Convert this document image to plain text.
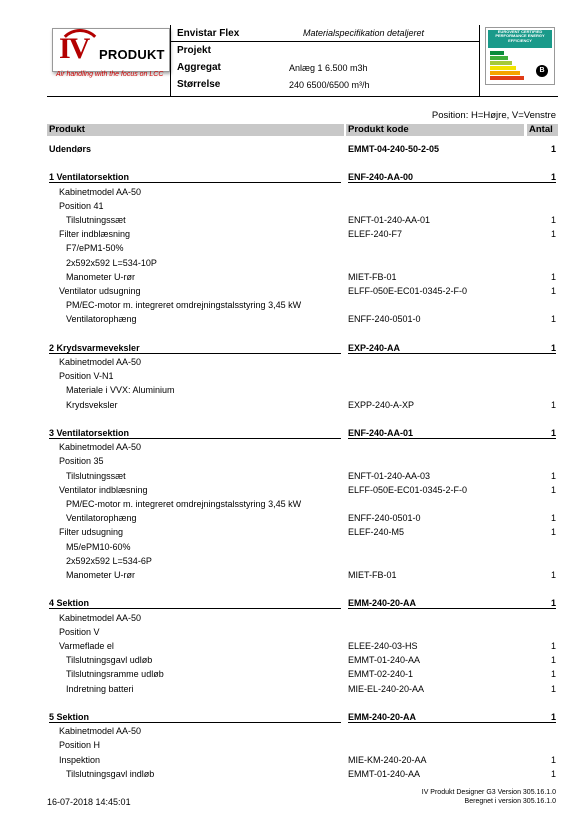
IV PRODUKT
Air handling with the focus on LCC
Envistar Flex	Materialspecifikation detaljeret
Projekt
Aggregat	Anlæg 1 6.500 m3h
Størrelse	240 6500/6500 m³/h
EUROVENT CERTIFIED PERFORMANCE ENERGY EFFICIENCY
B
Position: H=Højre, V=Venstre
Produkt	Produkt kode	Antal
Udendørs	EMMT-04-240-50-2-05	1
1 Ventilatorsektion	ENF-240-AA-00	1
Kabinetmodel AA-50
Position 41
Tilslutningssæt	ENFT-01-240-AA-01	1
Filter indblæsning	ELEF-240-F7	1
F7/ePM1-50%
2x592x592 L=534-10P
Manometer U-rør	MIET-FB-01	1
Ventilator udsugning	ELFF-050E-EC01-0345-2-F-0	1
PM/EC-motor m. integreret omdrejningstalsstyring 3,45 kW
Ventilatorophæng	ENFF-240-0501-0	1
2 Krydsvarmeveksler	EXP-240-AA	1
Kabinetmodel AA-50
Position V-N1
Materiale i VVX: Aluminium
Krydsveksler	EXPP-240-A-XP	1
3 Ventilatorsektion	ENF-240-AA-01	1
Kabinetmodel AA-50
Position 35
Tilslutningssæt	ENFT-01-240-AA-03	1
Ventilator indblæsning	ELFF-050E-EC01-0345-2-F-0	1
PM/EC-motor m. integreret omdrejningstalsstyring 3,45 kW
Ventilatorophæng	ENFF-240-0501-0	1
Filter udsugning	ELEF-240-M5	1
M5/ePM10-60%
2x592x592 L=534-6P
Manometer U-rør	MIET-FB-01	1
4 Sektion	EMM-240-20-AA	1
Kabinetmodel AA-50
Position V
Varmeflade el	ELEE-240-03-HS	1
Tilslutningsgavl udløb	EMMT-01-240-AA	1
Tilslutningsramme udløb	EMMT-02-240-1	1
Indretning batteri	MIE-EL-240-20-AA	1
5 Sektion	EMM-240-20-AA	1
Kabinetmodel AA-50
Position H
Inspektion	MIE-KM-240-20-AA	1
Tilslutningsgavl indløb	EMMT-01-240-AA	1
16-07-2018 14:45:01
IV Produkt Designer G3 Version 305.16.1.0
Beregnet i version 305.16.1.0
